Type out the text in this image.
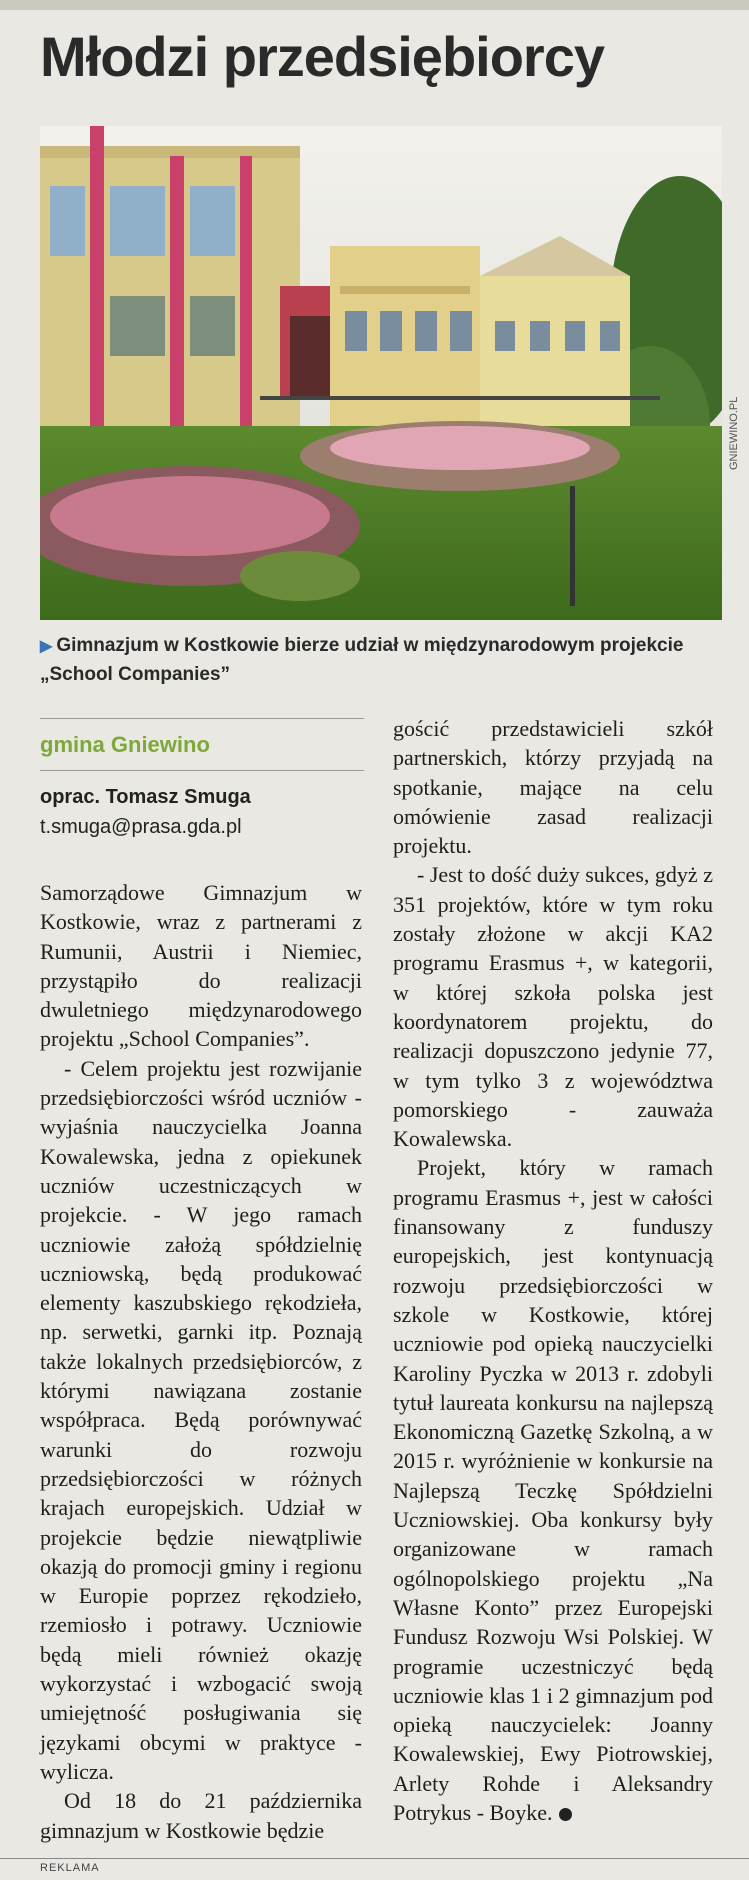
Młodzi przedsiębiorcy
GNIEWINO.PL
▶ Gimnazjum w Kostkowie bierze udział w międzynarodowym projekcie „School Companies”
gmina Gniewino
oprac. Tomasz Smuga
t.smuga@prasa.gda.pl

Samorządowe Gimnazjum w Kostkowie, wraz z partnerami z Rumunii, Austrii i Niemiec, przystąpiło do realizacji dwuletniego międzynarodowego projektu „School Companies”.

- Celem projektu jest rozwijanie przedsiębiorczości wśród uczniów - wyjaśnia nauczycielka Joanna Kowalewska, jedna z opiekunek uczniów uczestniczących w projekcie. - W jego ramach uczniowie założą spółdzielnię uczniowską, będą produkować elementy kaszubskiego rękodzieła, np. serwetki, garnki itp. Poznają także lokalnych przedsiębiorców, z którymi nawiązana zostanie współpraca. Będą porównywać warunki do rozwoju przedsiębiorczości w różnych krajach europejskich. Udział w projekcie będzie niewątpliwie okazją do promocji gminy i regionu w Europie poprzez rękodzieło, rzemiosło i potrawy. Uczniowie będą mieli również okazję wykorzystać i wzbogacić swoją umiejętność posługiwania się językami obcymi w praktyce - wylicza.

Od 18 do 21 października gimnazjum w Kostkowie będzie

gościć przedstawicieli szkół partnerskich, którzy przyjadą na spotkanie, mające na celu omówienie zasad realizacji projektu.

- Jest to dość duży sukces, gdyż z 351 projektów, które w tym roku zostały złożone w akcji KA2 programu Erasmus +, w kategorii, w której szkoła polska jest koordynatorem projektu, do realizacji dopuszczono jedynie 77, w tym tylko 3 z województwa pomorskiego - zauważa Kowalewska.

Projekt, który w ramach programu Erasmus +, jest w całości finansowany z funduszy europejskich, jest kontynuacją rozwoju przedsiębiorczości w szkole w Kostkowie, której uczniowie pod opieką nauczycielki Karoliny Pyczka w 2013 r. zdobyli tytuł laureata konkursu na najlepszą Ekonomiczną Gazetkę Szkolną, a w 2015 r. wyróżnienie w konkursie na Najlepszą Teczkę Spółdzielni Uczniowskiej. Oba konkursy były organizowane w ramach ogólnopolskiego projektu „Na Własne Konto” przez Europejski Fundusz Rozwoju Wsi Polskiej. W programie uczestniczyć będą uczniowie klas 1 i 2 gimnazjum pod opieką nauczycielek: Joanny Kowalewskiej, Ewy Piotrowskiej, Arlety Rohde i Aleksandry Potrykus - Boyke.

REKLAMA
